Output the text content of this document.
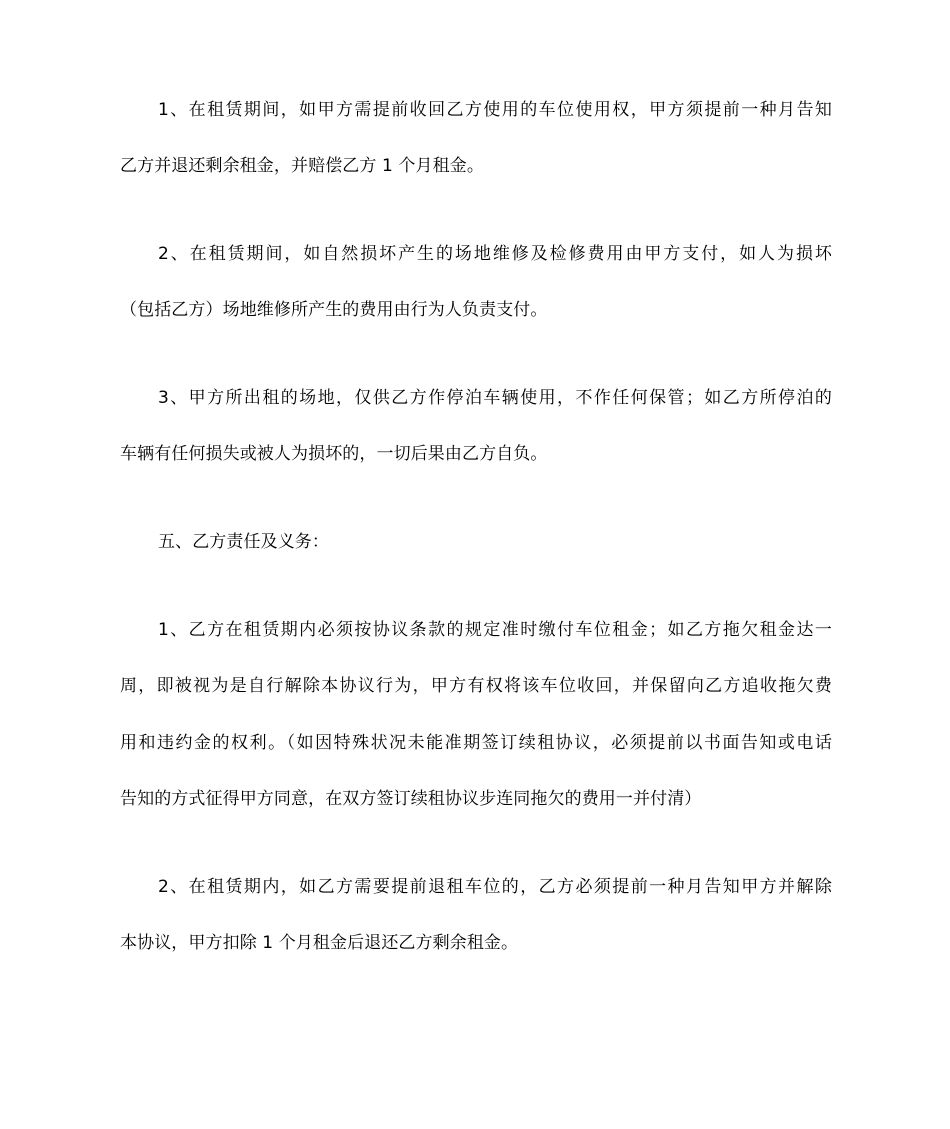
1、在租赁期间，如甲方需提前收回乙方使用的车位使用权，甲方须提前一种月告知
乙方并退还剩余租金，并赔偿乙方 1 个月租金。
2、在租赁期间，如自然损坏产生的场地维修及检修费用由甲方支付，如人为损坏
（包括乙方）场地维修所产生的费用由行为人负责支付。
3、甲方所出租的场地，仅供乙方作停泊车辆使用，不作任何保管；如乙方所停泊的
车辆有任何损失或被人为损坏的，一切后果由乙方自负。
五、乙方责任及义务：
1、乙方在租赁期内必须按协议条款的规定准时缴付车位租金；如乙方拖欠租金达一
周，即被视为是自行解除本协议行为，甲方有权将该车位收回，并保留向乙方追收拖欠费
用和违约金的权利。（如因特殊状况未能准期签订续租协议，必须提前以书面告知或电话
告知的方式征得甲方同意，在双方签订续租协议步连同拖欠的费用一并付清）
2、在租赁期内，如乙方需要提前退租车位的，乙方必须提前一种月告知甲方并解除
本协议，甲方扣除 1 个月租金后退还乙方剩余租金。
